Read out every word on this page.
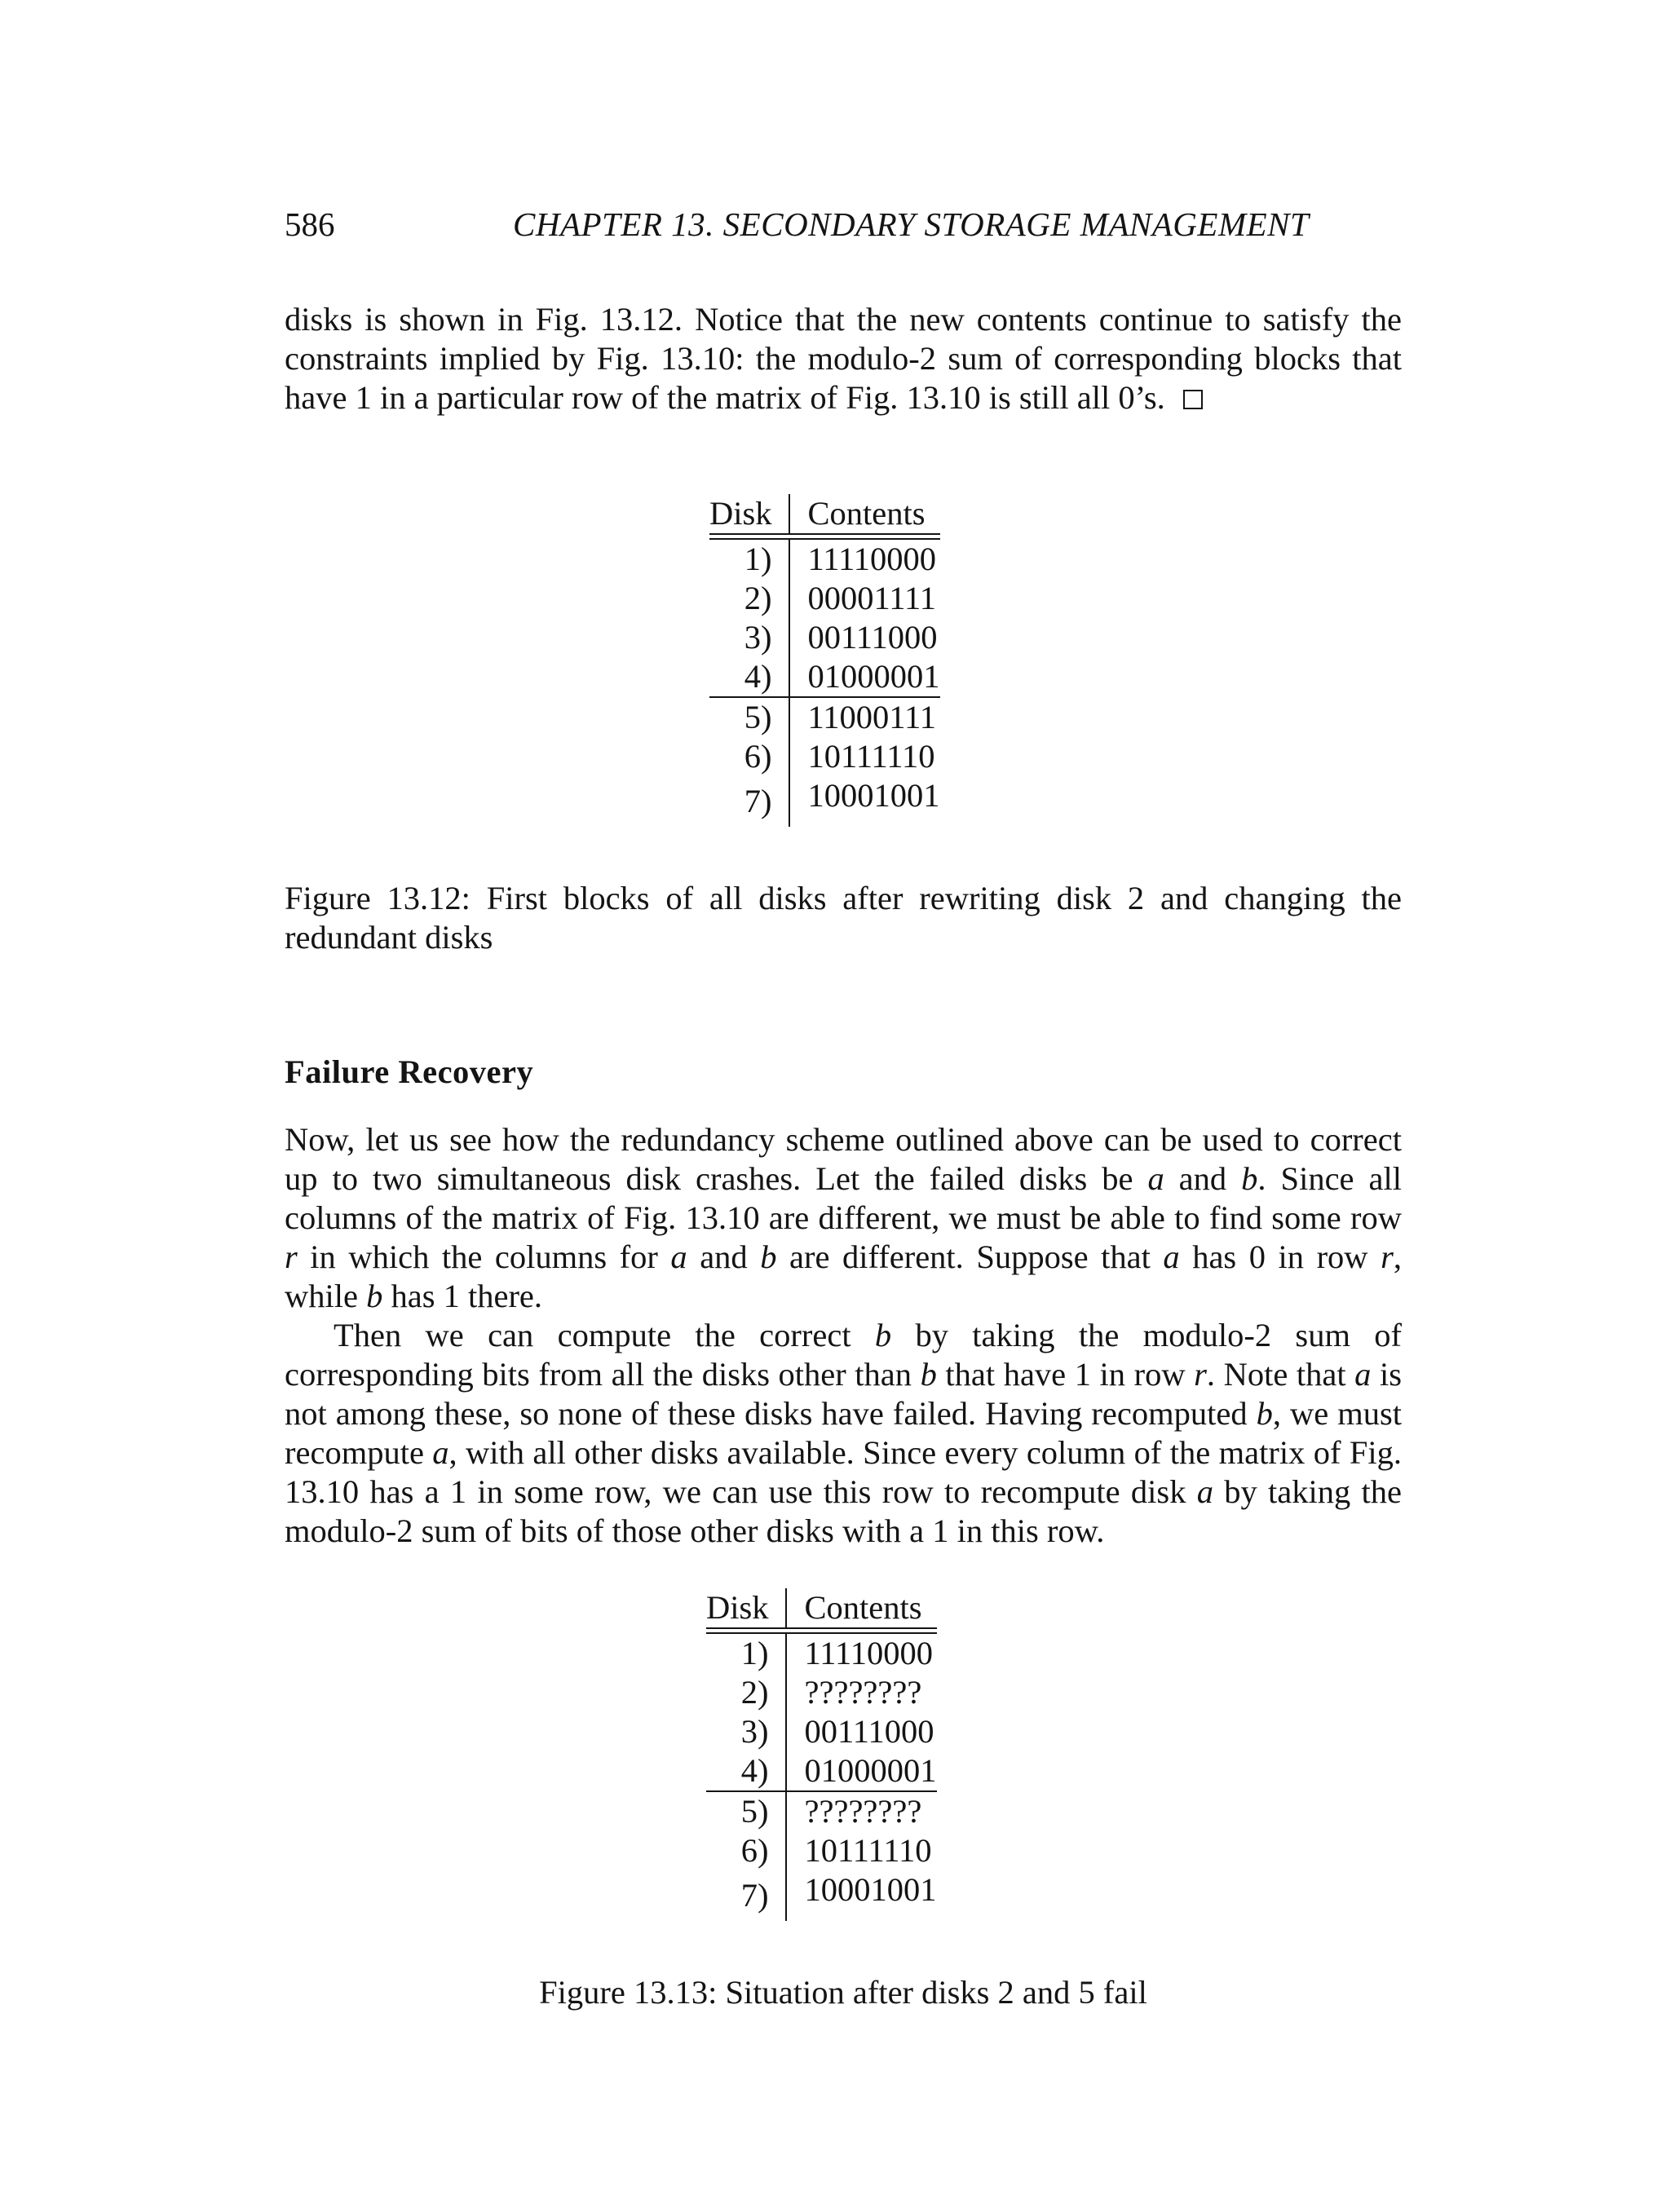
586	CHAPTER 13. SECONDARY STORAGE MANAGEMENT

disks is shown in Fig. 13.12. Notice that the new contents continue to satisfy the constraints implied by Fig. 13.10: the modulo-2 sum of corresponding blocks that have 1 in a particular row of the matrix of Fig. 13.10 is still all 0’s.

Disk	Contents

1)	11110000
2)	00001111
3)	00111000
4)	01000001
5)	11000111
6)	10111110
7)	10001001

Figure 13.12: First blocks of all disks after rewriting disk 2 and changing the redundant disks

Failure Recovery

Now, let us see how the redundancy scheme outlined above can be used to correct up to two simultaneous disk crashes. Let the failed disks be a and b. Since all columns of the matrix of Fig. 13.10 are different, we must be able to find some row r in which the columns for a and b are different. Suppose that a has 0 in row r, while b has 1 there.

Then we can compute the correct b by taking the modulo-2 sum of corresponding bits from all the disks other than b that have 1 in row r. Note that a is not among these, so none of these disks have failed. Having recomputed b, we must recompute a, with all other disks available. Since every column of the matrix of Fig. 13.10 has a 1 in some row, we can use this row to recompute disk a by taking the modulo-2 sum of bits of those other disks with a 1 in this row.

Disk	Contents

1)	11110000
2)	????????
3)	00111000
4)	01000001
5)	????????
6)	10111110
7)	10001001

Figure 13.13: Situation after disks 2 and 5 fail
